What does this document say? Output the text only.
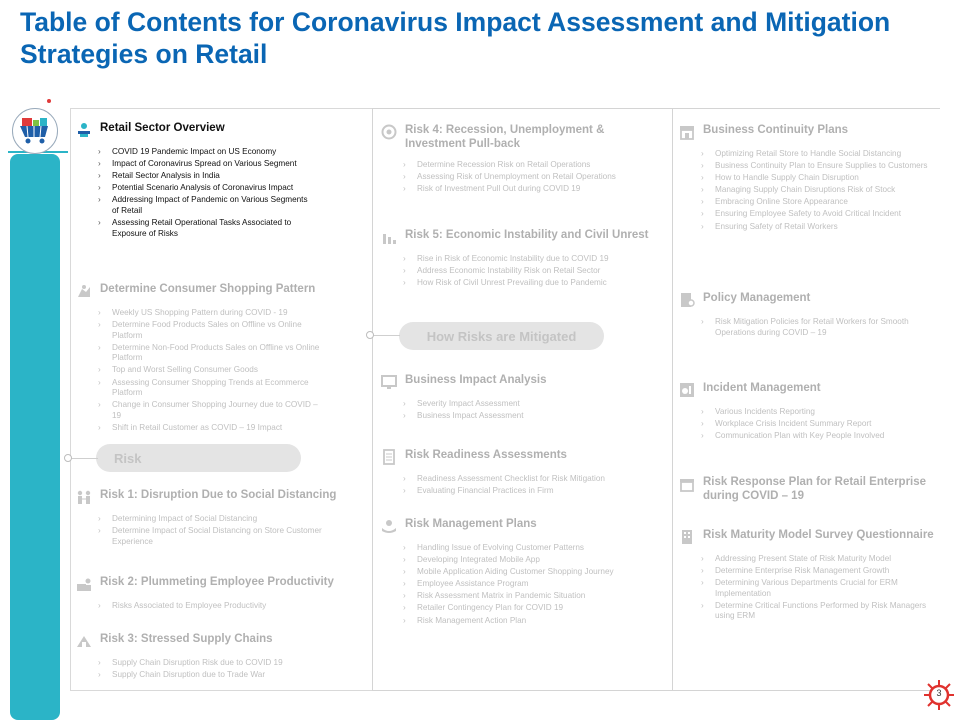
Table of Contents for Coronavirus Impact Assessment and Mitigation Strategies on Retail
Retail Sector Overview
› COVID 19 Pandemic Impact on US Economy
› Impact of Coronavirus Spread on Various Segment
› Retail Sector Analysis in India
› Potential Scenario Analysis of Coronavirus Impact
› Addressing Impact of Pandemic on Various Segments of Retail
› Assessing Retail Operational Tasks Associated to Exposure of Risks
Determine Consumer Shopping Pattern
› Weekly US Shopping Pattern during COVID - 19
› Determine Food Products Sales on Offline vs Online Platform
› Determine Non-Food Products Sales on Offline vs Online Platform
› Top and Worst Selling Consumer Goods
› Assessing Consumer Shopping Trends at Ecommerce Platform
› Change in Consumer Shopping Journey due to COVID – 19
› Shift in Retail Customer as COVID – 19 Impact
Risk
Risk 1: Disruption Due to Social Distancing
› Determining Impact of Social Distancing
› Determine Impact of Social Distancing on Store Customer Experience
Risk 2: Plummeting Employee Productivity
› Risks Associated to Employee Productivity
Risk 3: Stressed Supply Chains
› Supply Chain Disruption Risk due to COVID 19
› Supply Chain Disruption due to Trade War
Risk 4: Recession, Unemployment & Investment Pull-back
› Determine Recession Risk on Retail Operations
› Assessing Risk of Unemployment on Retail Operations
› Risk of Investment Pull Out during COVID 19
Risk 5: Economic Instability and Civil Unrest
› Rise in Risk of Economic Instability due to COVID 19
› Address Economic Instability Risk on Retail Sector
› How Risk of Civil Unrest Prevailing due to Pandemic
How Risks are Mitigated
Business Impact Analysis
› Severity Impact Assessment
› Business Impact Assessment
Risk Readiness Assessments
› Readiness Assessment Checklist for Risk Mitigation
› Evaluating Financial Practices in Firm
Risk Management Plans
› Handling Issue of Evolving Customer Patterns
› Developing Integrated Mobile App
› Mobile Application Aiding Customer Shopping Journey
› Employee Assistance Program
› Risk Assessment Matrix in Pandemic Situation
› Retailer Contingency Plan for COVID 19
› Risk Management Action Plan
Business Continuity Plans
› Optimizing Retail Store to Handle Social Distancing
› Business Continuity Plan to Ensure Supplies to Customers
› How to Handle Supply Chain Disruption
› Managing Supply Chain Disruptions Risk of Stock
› Embracing Online Store Appearance
› Ensuring Employee Safety to Avoid Critical Incident
› Ensuring Safety of Retail Workers
Policy Management
› Risk Mitigation Policies for Retail Workers for Smooth Operations during COVID – 19
Incident Management
› Various Incidents Reporting
› Workplace Crisis Incident Summary Report
› Communication Plan with Key People Involved
Risk Response Plan for Retail Enterprise during COVID – 19
Risk Maturity Model Survey Questionnaire
› Addressing Present State of Risk Maturity Model
› Determine Enterprise Risk Management Growth
› Determining Various Departments Crucial for ERM Implementation
› Determine Critical Functions Performed by Risk Managers using ERM
3
